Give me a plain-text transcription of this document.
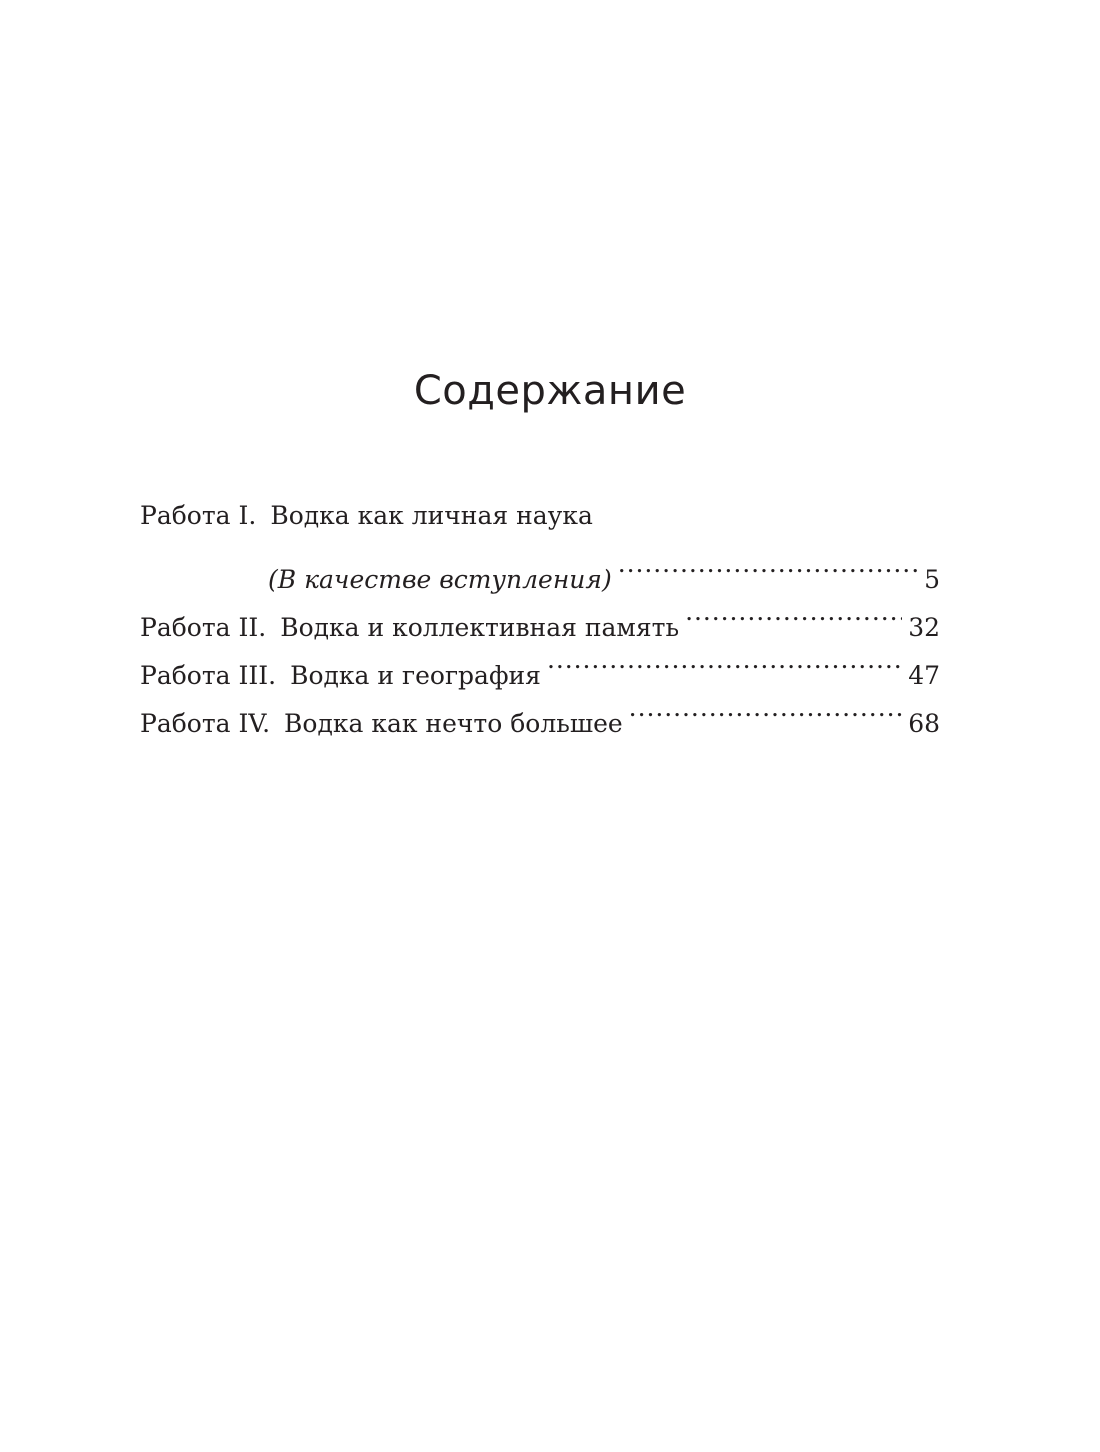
Содержание
Работа I. Водка как личная наука
(В качестве вступления) . . .	5
Работа II. Водка и коллективная память . . .	32
Работа III. Водка и география . . .	47
Работа IV. Водка как нечто большее . . .	68
